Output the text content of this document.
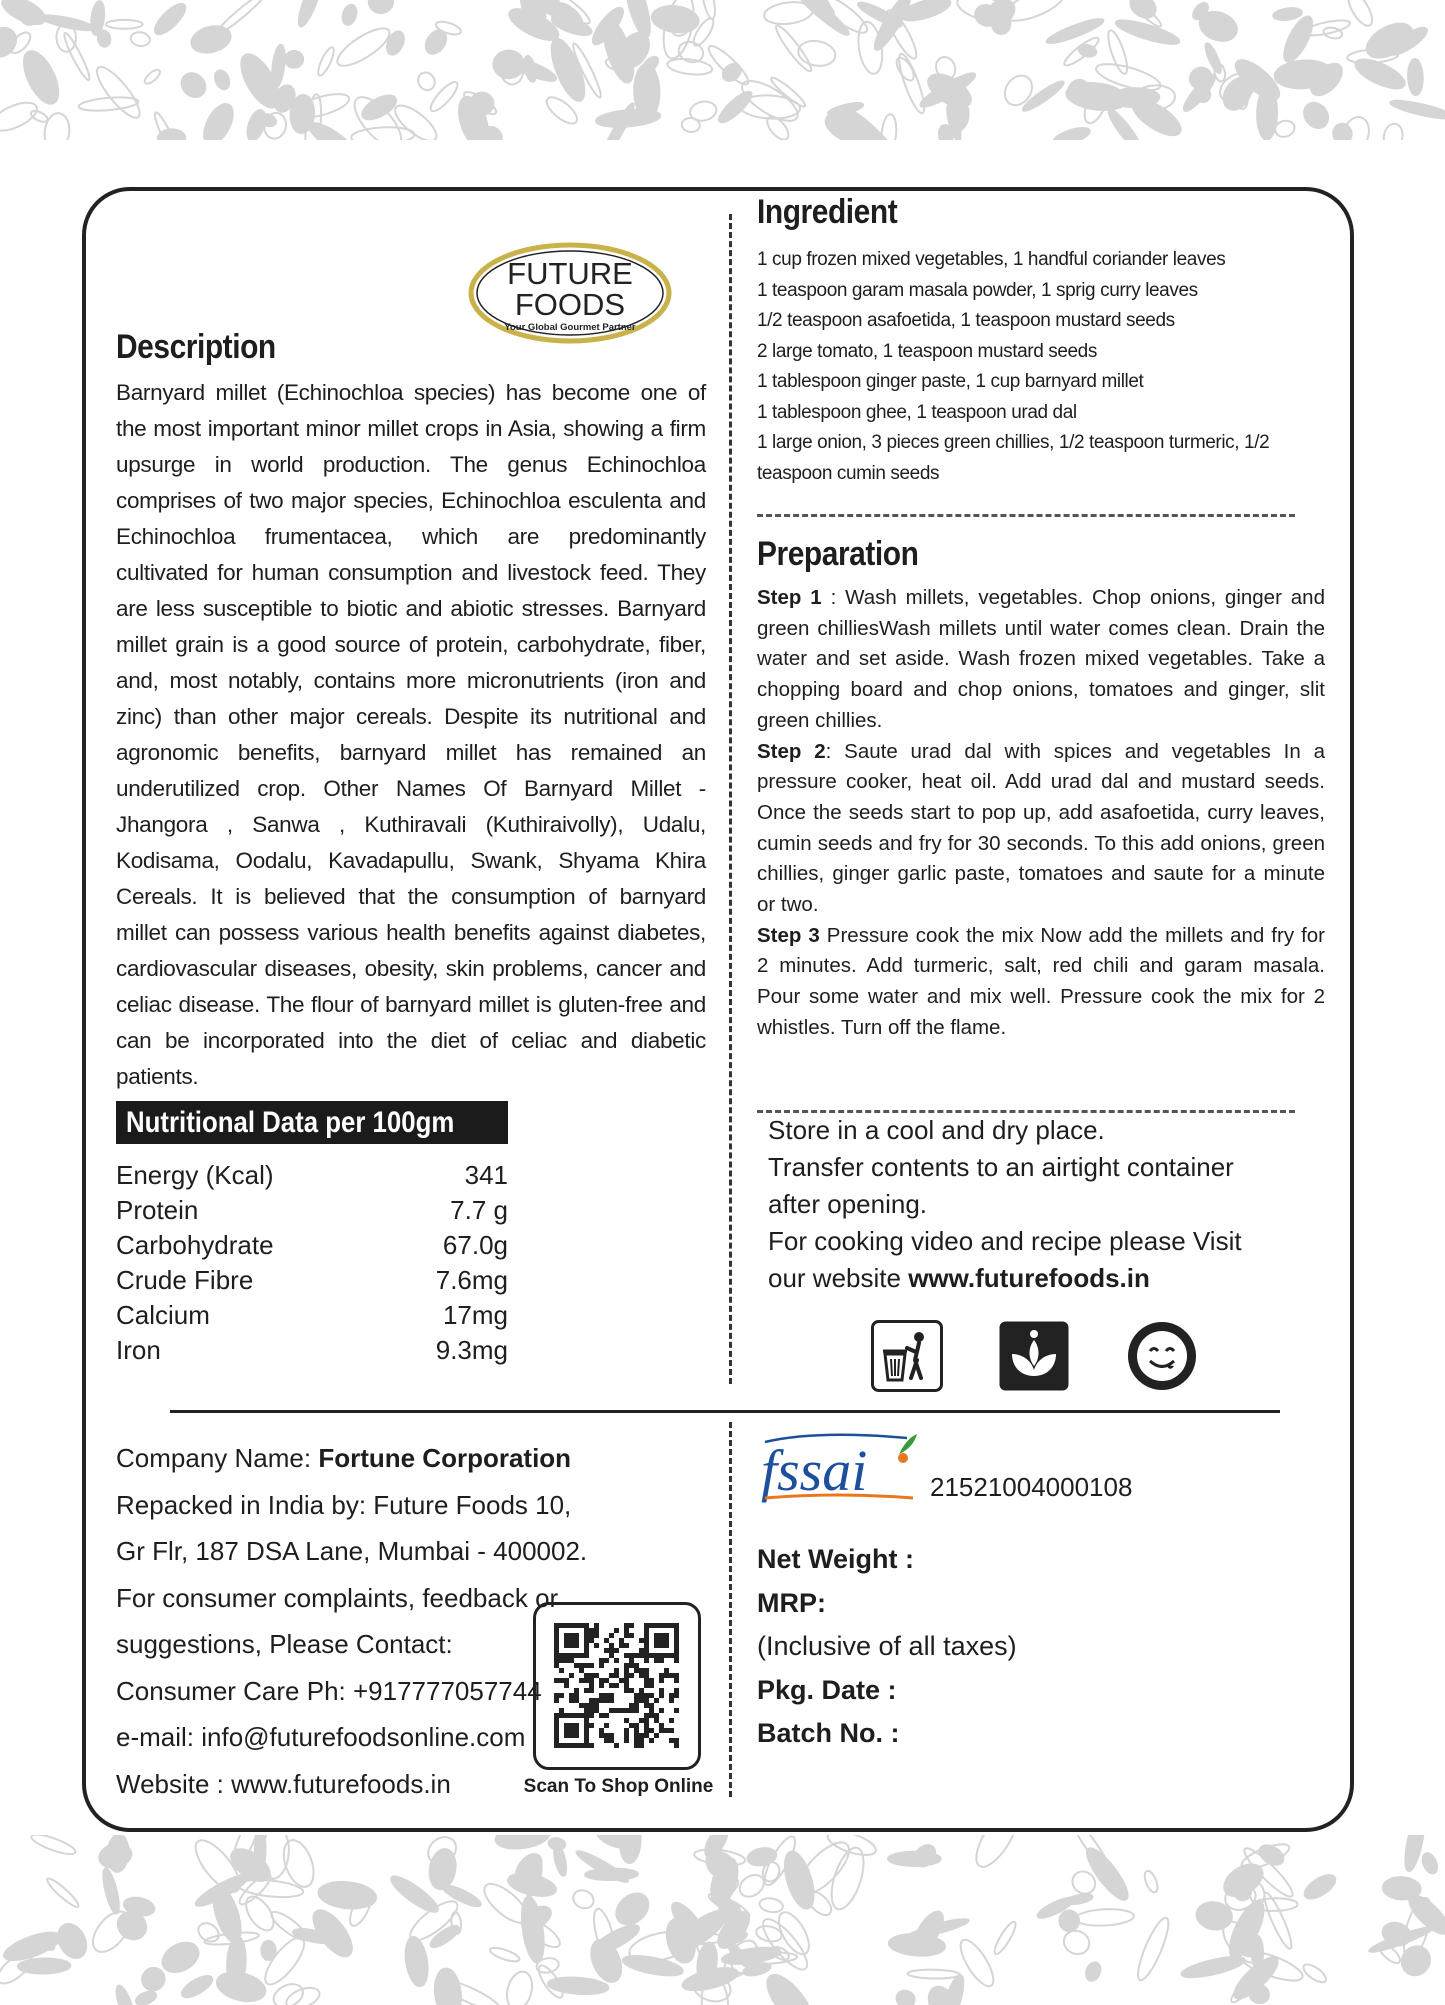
FUTURE
FOODS
Your Global Gourmet Partner
Description

Barnyard millet (Echinochloa species) has become one of the most important minor millet crops in Asia, showing a firm upsurge in world production. The genus Echinochloa comprises of two major species, Echinochloa esculenta and Echinochloa frumentacea, which are predominantly cultivated for human consumption and livestock feed. They are less susceptible to biotic and abiotic stresses. Barnyard millet grain is a good source of protein, carbohydrate, fiber, and, most notably, contains more micronutrients (iron and zinc) than other major cereals. Despite its nutritional and agronomic benefits, barnyard millet has remained an underutilized crop. Other Names Of Barnyard Millet - Jhangora , Sanwa , Kuthiravali (Kuthiraivolly), Udalu, Kodisama, Oodalu, Kavadapullu, Swank, Shyama Khira Cereals. It is believed that the consumption of barnyard millet can possess various health benefits against diabetes, cardiovascular diseases, obesity, skin problems, cancer and celiac disease. The flour of barnyard millet is gluten-free and can be incorporated into the diet of celiac and diabetic patients.

Ingredient
1 cup frozen mixed vegetables, 1 handful coriander leaves
1 teaspoon garam masala powder, 1 sprig curry leaves
1/2 teaspoon asafoetida, 1 teaspoon mustard seeds
2 large tomato, 1 teaspoon mustard seeds
1 tablespoon ginger paste, 1 cup barnyard millet
1 tablespoon ghee, 1 teaspoon urad dal
1 large onion, 3 pieces green chillies, 1/2 teaspoon turmeric, 1/2
teaspoon cumin seeds
Preparation

Step 1 : Wash millets, vegetables. Chop onions, ginger and green chilliesWash millets until water comes clean. Drain the water and set aside. Wash frozen mixed vegetables. Take a chopping board and chop onions, tomatoes and ginger, slit green chillies.

Step 2: Saute urad dal with spices and vegetables In a pressure cooker, heat oil. Add urad dal and mustard seeds. Once the seeds start to pop up, add asafoetida, curry leaves, cumin seeds and fry for 30 seconds. To this add onions, green chillies, ginger garlic paste, tomatoes and saute for a minute or two.

Step 3 Pressure cook the mix Now add the millets and fry for 2 minutes. Add turmeric, salt, red chili and garam masala. Pour some water and mix well. Pressure cook the mix for 2 whistles. Turn off the flame.

Nutritional Data per 100gm
Energy (Kcal)	341
Protein	7.7 g
Carbohydrate	67.0g
Crude Fibre	7.6mg
Calcium	17mg
Iron	9.3mg
Store in a cool and dry place.
Transfer contents to an airtight container
after opening.
For cooking video and recipe please Visit
our website www.futurefoods.in
Company Name: Fortune Corporation
Repacked in India by: Future Foods 10,
Gr Flr, 187 DSA Lane, Mumbai - 400002.
For consumer complaints, feedback or
suggestions, Please Contact:
Consumer Care Ph: +917777057744
e-mail: info@futurefoodsonline.com
Website : www.futurefoods.in	Scan To Shop Online
fssai 21521004000108
Net Weight :
MRP:
(Inclusive of all taxes)
Pkg. Date :
Batch No. :
